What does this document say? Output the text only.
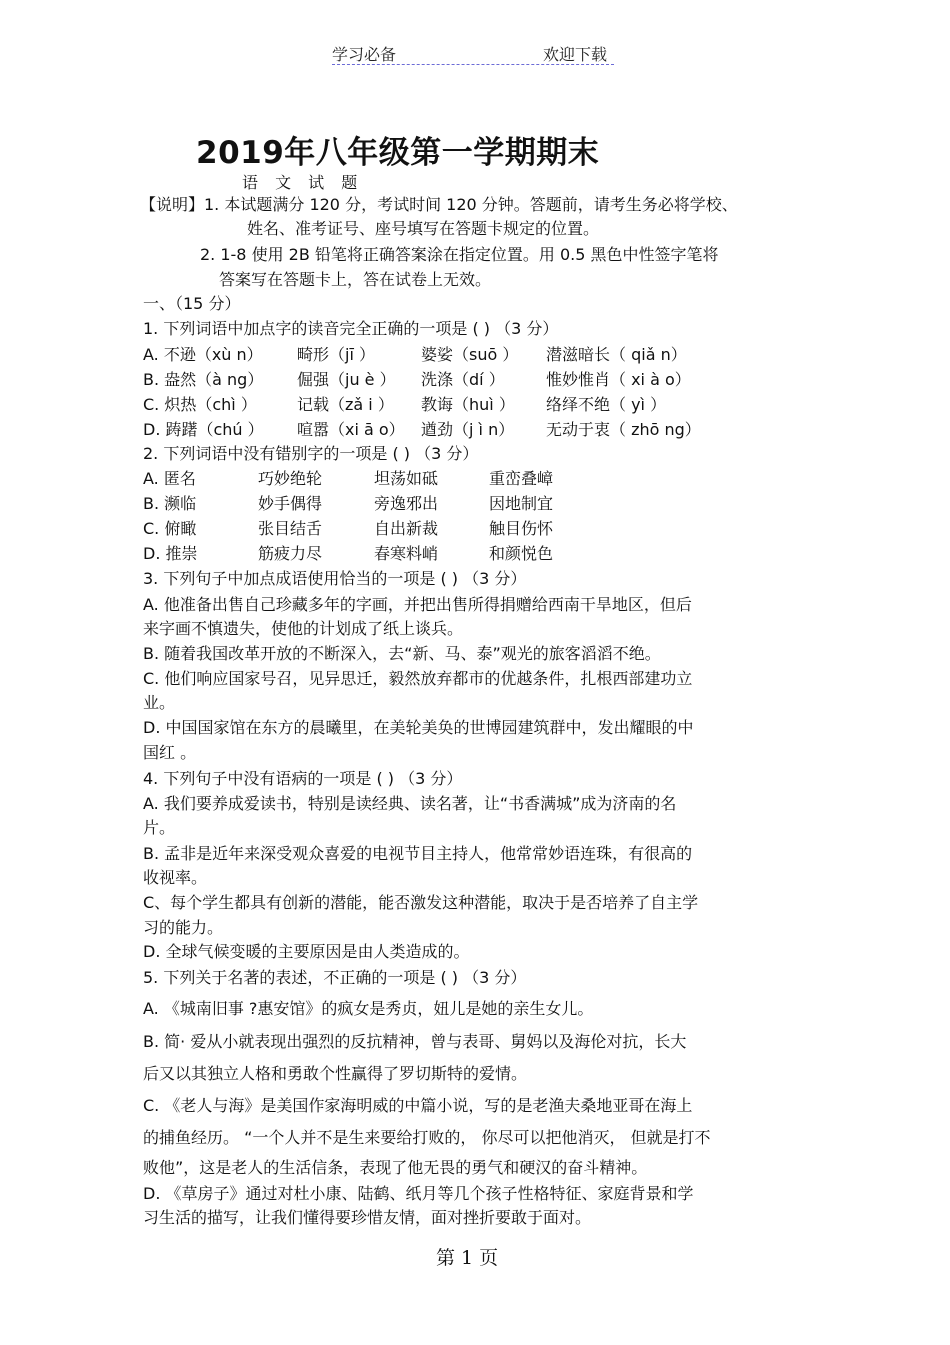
学习必备	欢迎下载
2019年八年级第一学期期末
语 文 试 题
【说明】1. 本试题满分 120 分，考试时间 120 分钟。答题前，请考生务必将学校、
姓名、准考证号、座号填写在答题卡规定的位置。
2. 1-8 使用 2B 铅笔将正确答案涂在指定位置。用 0.5 黑色中性签字笔将
答案写在答题卡上，答在试卷上无效。
一、（15 分）
1. 下列词语中加点字的读音完全正确的一项是 ( ) （3 分）
A. 不逊（xù n） 畸形（jī ）	婆娑（suō ） 潜滋暗长（ qiǎ n）
B. 盎然（à ng） 倔强（ju è ） 洗涤（dí ）	惟妙惟肖（ xi à o）
C. 炽热（chì ）	记载（zǎ i ） 教诲（huì ） 络绎不绝（ yì ）
D. 踌躇（chú ） 喧嚣（xi ā o） 遒劲（j ì n） 无动于衷（ zhō ng）
2. 下列词语中没有错别字的一项是 ( ) （3 分）
A. 匿名	巧妙绝轮	坦荡如砥	重峦叠嶂
B. 濒临	妙手偶得	旁逸邪出	因地制宜
C. 俯瞰	张目结舌	自出新裁	触目伤怀
D. 推崇	筋疲力尽	春寒料峭	和颜悦色
3. 下列句子中加点成语使用恰当的一项是 ( ) （3 分）
A. 他准备出售自己珍藏多年的字画，并把出售所得捐赠给西南干旱地区，但后
来字画不慎遗失，使他的计划成了纸上谈兵。
B. 随着我国改革开放的不断深入，去“新、马、泰”观光的旅客滔滔不绝。
C. 他们响应国家号召，见异思迁，毅然放弃都市的优越条件，扎根西部建功立
业。
D. 中国国家馆在东方的晨曦里，在美轮美奂的世博园建筑群中，发出耀眼的中
国红 。
4. 下列句子中没有语病的一项是 ( ) （3 分）
A. 我们要养成爱读书，特别是读经典、读名著，让“书香满城”成为济南的名
片。
B. 孟非是近年来深受观众喜爱的电视节目主持人，他常常妙语连珠，有很高的
收视率。
C、每个学生都具有创新的潜能，能否激发这种潜能，取决于是否培养了自主学
习的能力。
D. 全球气候变暖的主要原因是由人类造成的。
5. 下列关于名著的表述，不正确的一项是 ( ) （3 分）
A. 《城南旧事 ?惠安馆》的疯女是秀贞，妞儿是她的亲生女儿。
B. 简· 爱从小就表现出强烈的反抗精神，曾与表哥、舅妈以及海伦对抗，长大
后又以其独立人格和勇敢个性赢得了罗切斯特的爱情。
C. 《老人与海》是美国作家海明威的中篇小说，写的是老渔夫桑地亚哥在海上
的捕鱼经历。 “一个人并不是生来要给打败的， 你尽可以把他消灭， 但就是打不
败他”，这是老人的生活信条，表现了他无畏的勇气和硬汉的奋斗精神。
D. 《草房子》通过对杜小康、陆鹤、纸月等几个孩子性格特征、家庭背景和学
习生活的描写，让我们懂得要珍惜友情，面对挫折要敢于面对。
第 1 页
